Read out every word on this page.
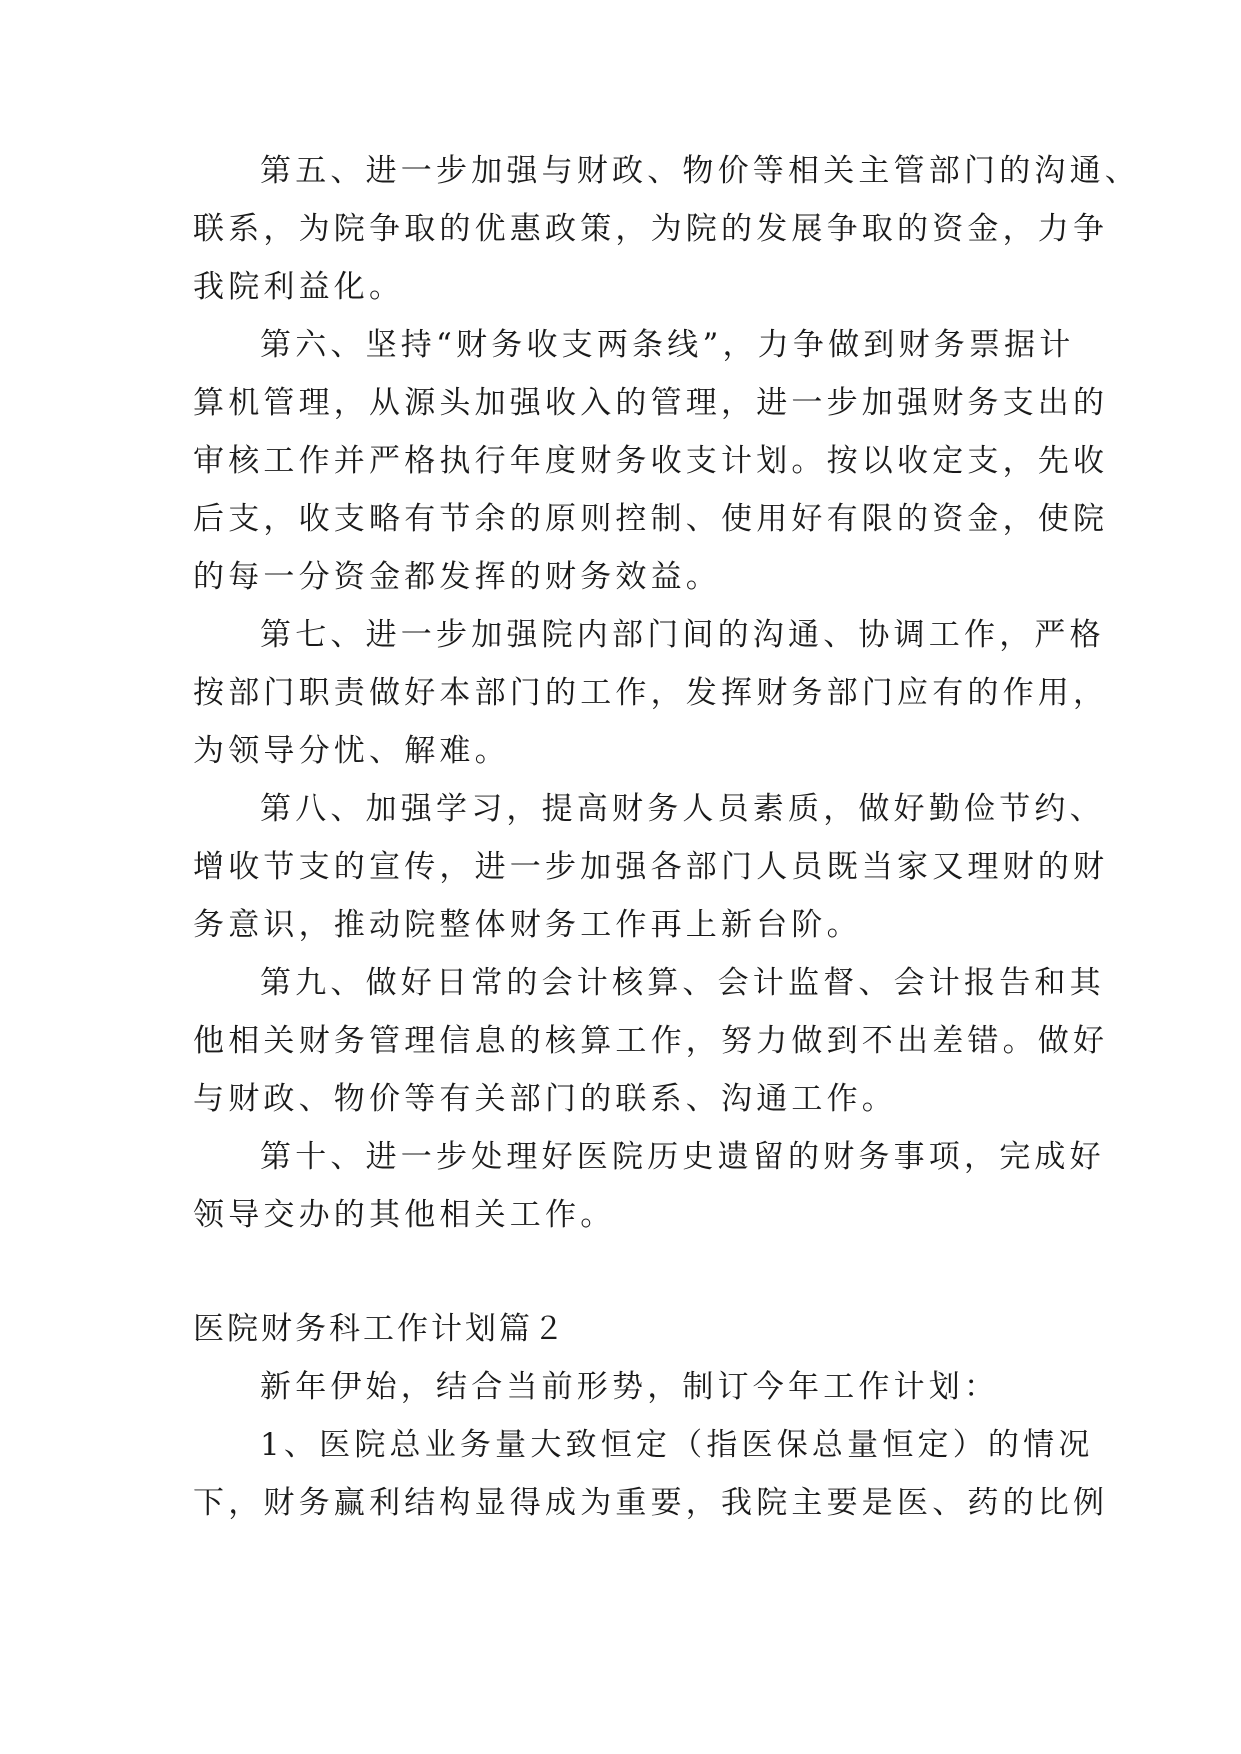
第五、进一步加强与财政、物价等相关主管部门的沟通、
联系，为院争取的优惠政策，为院的发展争取的资金，力争
我院利益化。
第六、坚持“财务收支两条线”，力争做到财务票据计
算机管理，从源头加强收入的管理，进一步加强财务支出的
审核工作并严格执行年度财务收支计划。按以收定支，先收
后支，收支略有节余的原则控制、使用好有限的资金，使院
的每一分资金都发挥的财务效益。
第七、进一步加强院内部门间的沟通、协调工作，严格
按部门职责做好本部门的工作，发挥财务部门应有的作用，
为领导分忧、解难。
第八、加强学习，提高财务人员素质，做好勤俭节约、
增收节支的宣传，进一步加强各部门人员既当家又理财的财
务意识，推动院整体财务工作再上新台阶。
第九、做好日常的会计核算、会计监督、会计报告和其
他相关财务管理信息的核算工作，努力做到不出差错。做好
与财政、物价等有关部门的联系、沟通工作。
第十、进一步处理好医院历史遗留的财务事项，完成好
领导交办的其他相关工作。
医院财务科工作计划篇２
新年伊始，结合当前形势，制订今年工作计划：
1、医院总业务量大致恒定（指医保总量恒定）的情况
下，财务赢利结构显得成为重要，我院主要是医、药的比例
